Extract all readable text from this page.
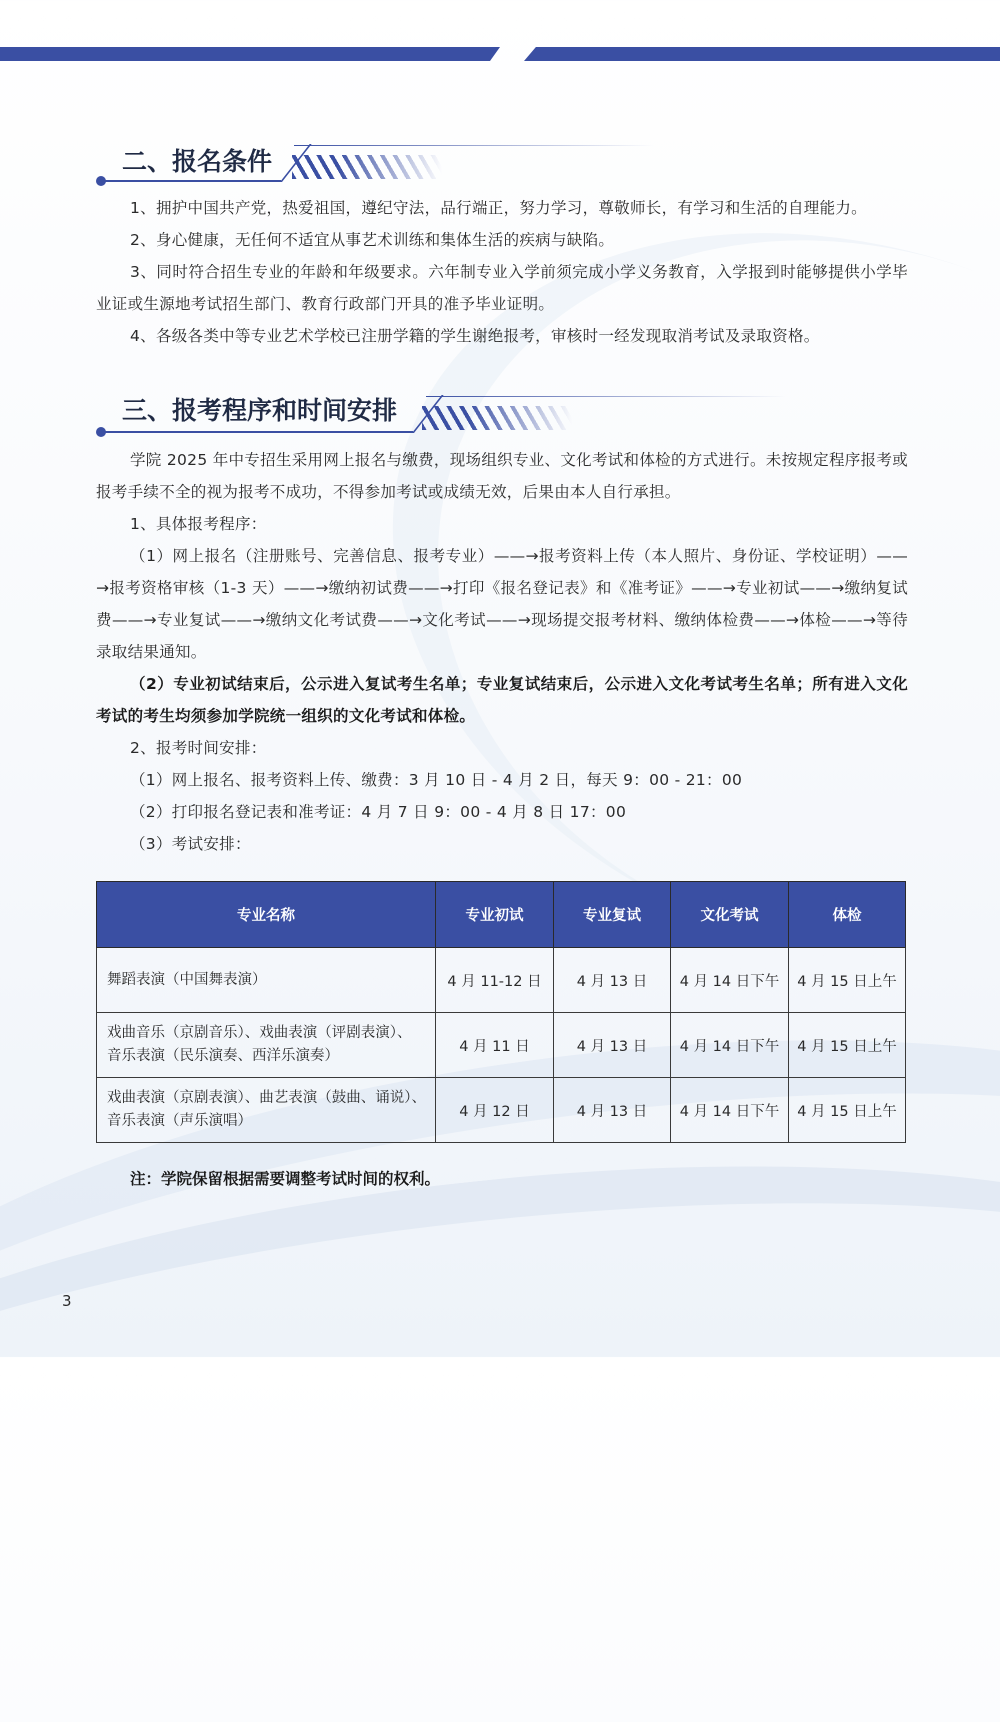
二、报名条件

1、拥护中国共产党，热爱祖国，遵纪守法，品行端正，努力学习，尊敬师长，有学习和生活的自理能力。

2、身心健康，无任何不适宜从事艺术训练和集体生活的疾病与缺陷。

3、同时符合招生专业的年龄和年级要求。六年制专业入学前须完成小学义务教育，入学报到时能够提供小学毕业证或生源地考试招生部门、教育行政部门开具的准予毕业证明。

4、各级各类中等专业艺术学校已注册学籍的学生谢绝报考，审核时一经发现取消考试及录取资格。

三、报考程序和时间安排

学院 2025 年中专招生采用网上报名与缴费，现场组织专业、文化考试和体检的方式进行。未按规定程序报考或报考手续不全的视为报考不成功，不得参加考试或成绩无效，后果由本人自行承担。

1、具体报考程序：

（1）网上报名（注册账号、完善信息、报考专业）——→报考资料上传（本人照片、身份证、学校证明）——→报考资格审核（1-3 天）——→缴纳初试费——→打印《报名登记表》和《准考证》——→专业初试——→缴纳复试费——→专业复试——→缴纳文化考试费——→文化考试——→现场提交报考材料、缴纳体检费——→体检——→等待录取结果通知。

（2）专业初试结束后，公示进入复试考生名单；专业复试结束后，公示进入文化考试考生名单；所有进入文化考试的考生均须参加学院统一组织的文化考试和体检。

2、报考时间安排：

（1）网上报名、报考资料上传、缴费：3 月 10 日 - 4 月 2 日，每天 9：00 - 21：00

（2）打印报名登记表和准考证：4 月 7 日 9：00 - 4 月 8 日 17：00

（3）考试安排：

专业名称	专业初试	专业复试	文化考试	体检
舞蹈表演（中国舞表演）	4 月 11-12 日	4 月 13 日	4 月 14 日下午	4 月 15 日上午

戏曲音乐（京剧音乐）、戏曲表演（评剧表演）、
音乐表演（民乐演奏、西洋乐演奏）	4 月 11 日	4 月 13 日	4 月 14 日下午	4 月 15 日上午

戏曲表演（京剧表演）、曲艺表演（鼓曲、诵说）、
音乐表演（声乐演唱）	4 月 12 日	4 月 13 日	4 月 14 日下午	4 月 15 日上午
注：学院保留根据需要调整考试时间的权利。
3
